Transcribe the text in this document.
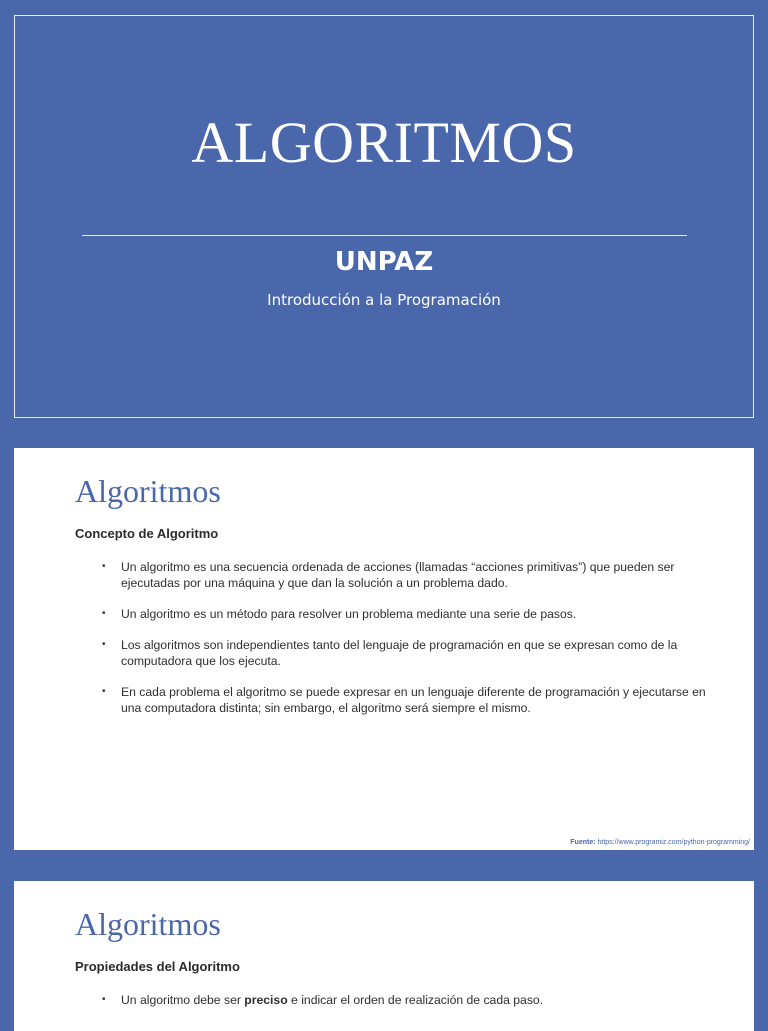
ALGORITMOS
UNPAZ
Introducción a la Programación
Algoritmos
Concepto de Algoritmo
• Un algoritmo es una secuencia ordenada de acciones (llamadas “acciones primitivas”) que pueden ser ejecutadas por una máquina y que dan la solución a un problema dado.
• Un algoritmo es un método para resolver un problema mediante una serie de pasos.
• Los algoritmos son independientes tanto del lenguaje de programación en que se expresan como de la computadora que los ejecuta.
• En cada problema el algoritmo se puede expresar en un lenguaje diferente de programación y ejecutarse en una computadora distinta; sin embargo, el algoritmo será siempre el mismo.
Fuente: https://www.programiz.com/python-programming/
Algoritmos
Propiedades del Algoritmo
• Un algoritmo debe ser preciso e indicar el orden de realización de cada paso.
